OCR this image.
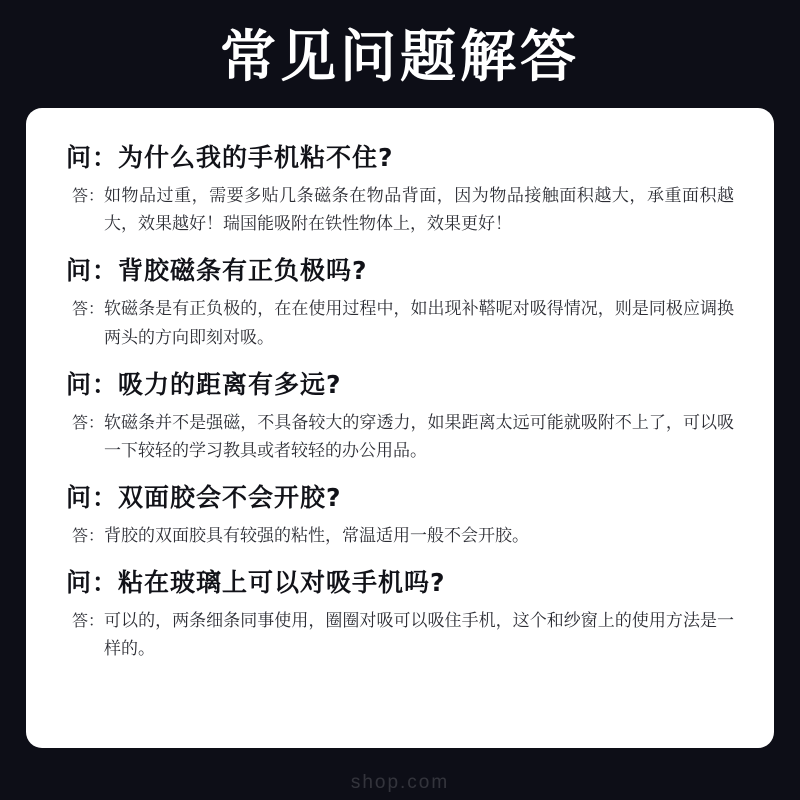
常见问题解答
问： 为什么我的手机粘不住?
答： 如物品过重，需要多贴几条磁条在物品背面，因为物品接触面积越大，承重面积越大，效果越好！瑞国能吸附在铁性物体上，效果更好！
问： 背胶磁条有正负极吗?
答： 软磁条是有正负极的，在在使用过程中，如出现补鞳呢对吸得情况，则是同极应调换两头的方向即刻对吸。
问： 吸力的距离有多远?
答： 软磁条并不是强磁，不具备较大的穿透力，如果距离太远可能就吸附不上了，可以吸一下较轻的学习教具或者较轻的办公用品。
问： 双面胶会不会开胶?
答： 背胶的双面胶具有较强的粘性，常温适用一般不会开胶。
问： 粘在玻璃上可以对吸手机吗?
答： 可以的，两条细条同事使用，圈圈对吸可以吸住手机，这个和纱窗上的使用方法是一样的。
shop.com
